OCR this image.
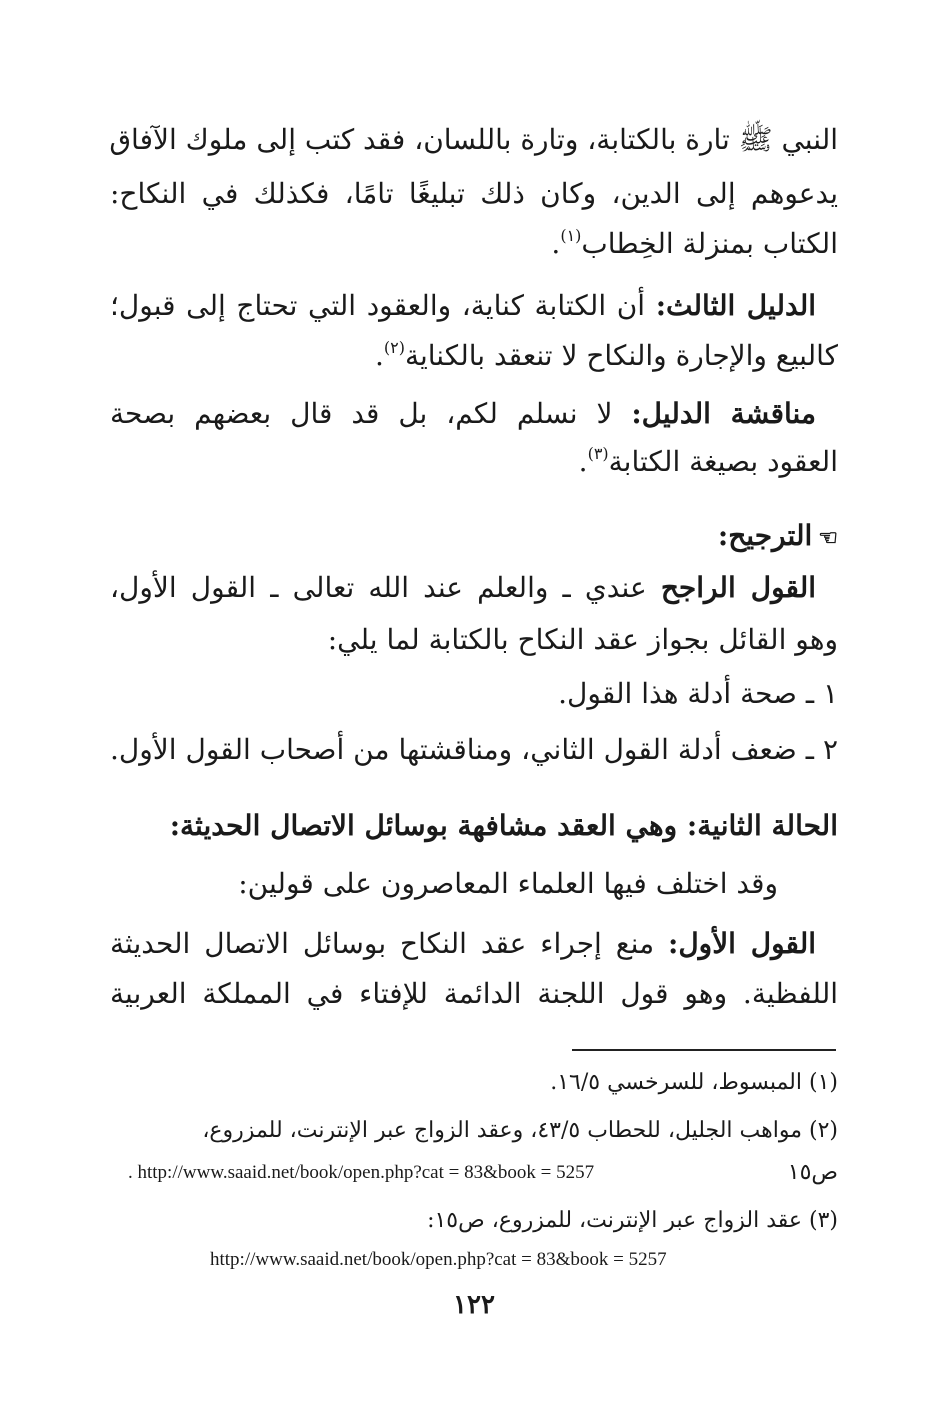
النبي ﷺ تارة بالكتابة، وتارة باللسان، فقد كتب إلى ملوك الآفاق
يدعوهم إلى الدين، وكان ذلك تبليغًا تامًا، فكذلك في النكاح:
الكتاب بمنزلة الخِطاب$^{(١)}$.
الدليل الثالث: أن الكتابة كناية، والعقود التي تحتاج إلى قبول؛
كالبيع والإجارة والنكاح لا تنعقد بالكناية$^{(٢)}$.
مناقشة الدليل: لا نسلم لكم، بل قد قال بعضهم بصحة
العقود بصيغة الكتابة$^{(٣)}$.
☜الترجيح:
القول الراجح عندي ـ والعلم عند الله تعالى ـ القول الأول،
وهو القائل بجواز عقد النكاح بالكتابة لما يلي:
١ ـ صحة أدلة هذا القول.
٢ ـ ضعف أدلة القول الثاني، ومناقشتها من أصحاب القول الأول.
الحالة الثانية: وهي العقد مشافهة بوسائل الاتصال الحديثة:
وقد اختلف فيها العلماء المعاصرون على قولين:
القول الأول: منع إجراء عقد النكاح بوسائل الاتصال الحديثة
اللفظية. وهو قول اللجنة الدائمة للإفتاء في المملكة العربية
(١) المبسوط، للسرخسي ١٦/٥.
(٢) مواهب الجليل، للحطاب ٤٣/٥، وعقد الزواج عبر الإنترنت، للمزروع،
ص١٥
. http://www.saaid.net/book/open.php?cat = 83&book = 5257
(٣) عقد الزواج عبر الإنترنت، للمزروع، ص١٥:
http://www.saaid.net/book/open.php?cat = 83&book = 5257
١٢٢
